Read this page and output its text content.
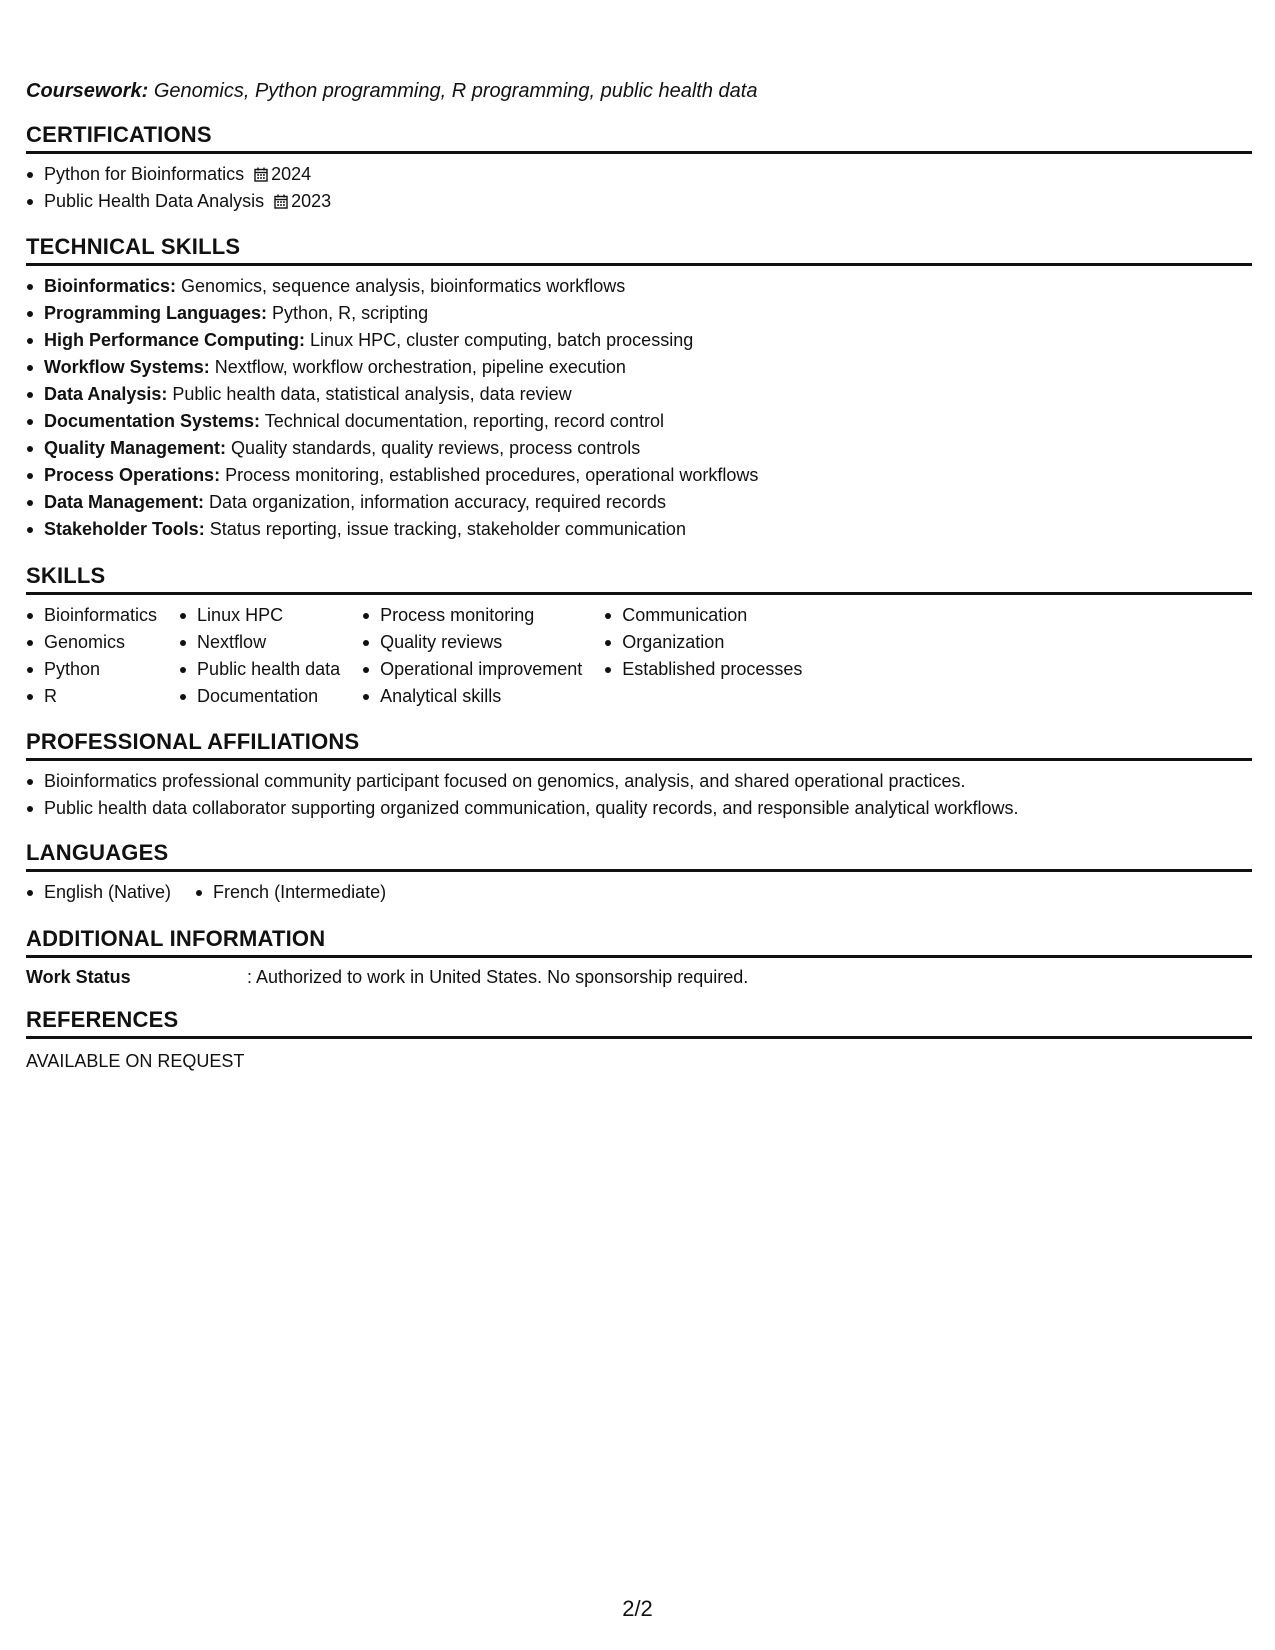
Coursework: Genomics, Python programming, R programming, public health data
CERTIFICATIONS
Python for Bioinformatics 2024
Public Health Data Analysis 2023
TECHNICAL SKILLS
Bioinformatics: Genomics, sequence analysis, bioinformatics workflows
Programming Languages: Python, R, scripting
High Performance Computing: Linux HPC, cluster computing, batch processing
Workflow Systems: Nextflow, workflow orchestration, pipeline execution
Data Analysis: Public health data, statistical analysis, data review
Documentation Systems: Technical documentation, reporting, record control
Quality Management: Quality standards, quality reviews, process controls
Process Operations: Process monitoring, established procedures, operational workflows
Data Management: Data organization, information accuracy, required records
Stakeholder Tools: Status reporting, issue tracking, stakeholder communication
SKILLS
Bioinformatics
Genomics
Python
R
Linux HPC
Nextflow
Public health data
Documentation
Process monitoring
Quality reviews
Operational improvement
Analytical skills
Communication
Organization
Established processes
PROFESSIONAL AFFILIATIONS
Bioinformatics professional community participant focused on genomics, analysis, and shared operational practices.
Public health data collaborator supporting organized communication, quality records, and responsible analytical workflows.
LANGUAGES
English (Native)	French (Intermediate)
ADDITIONAL INFORMATION
Work Status	: Authorized to work in United States. No sponsorship required.
REFERENCES
AVAILABLE ON REQUEST
2/2
